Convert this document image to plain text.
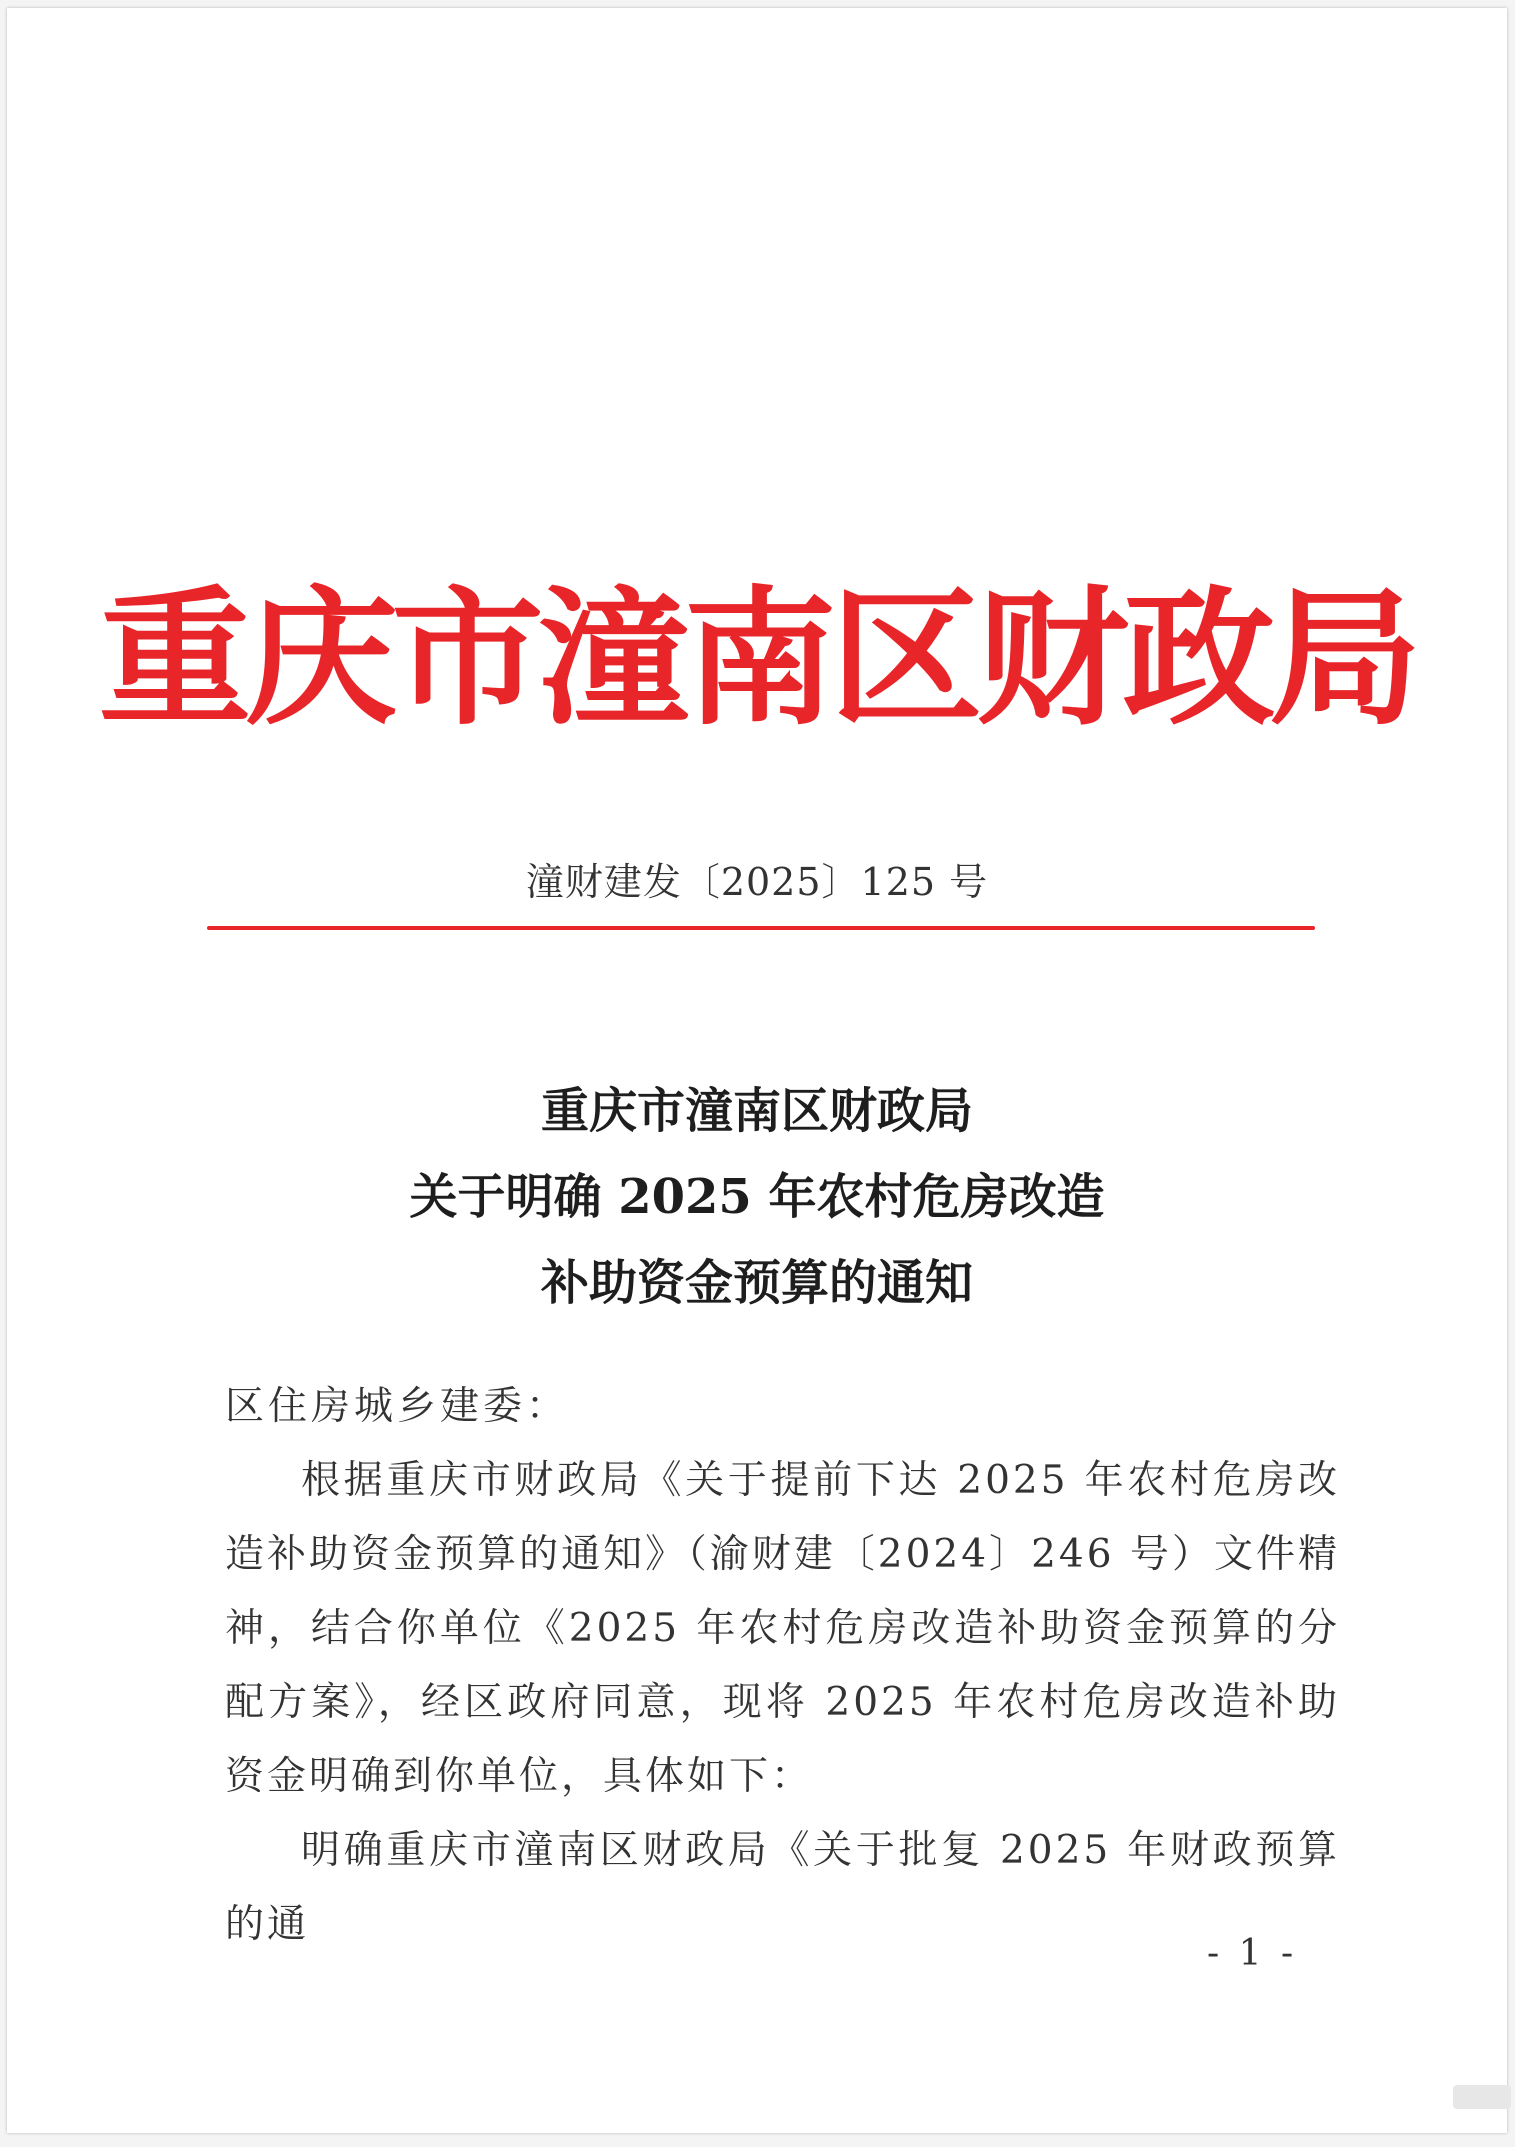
重庆市潼南区财政局
潼财建发〔2025〕125 号
重庆市潼南区财政局
关于明确 2025 年农村危房改造
补助资金预算的通知

区住房城乡建委：

根据重庆市财政局《关于提前下达 2025 年农村危房改造补助资金预算的通知》（渝财建〔2024〕246 号）文件精神，结合你单位《2025 年农村危房改造补助资金预算的分配方案》，经区政府同意，现将 2025 年农村危房改造补助资金明确到你单位，具体如下：

明确重庆市潼南区财政局《关于批复 2025 年财政预算的通

- 1 -
